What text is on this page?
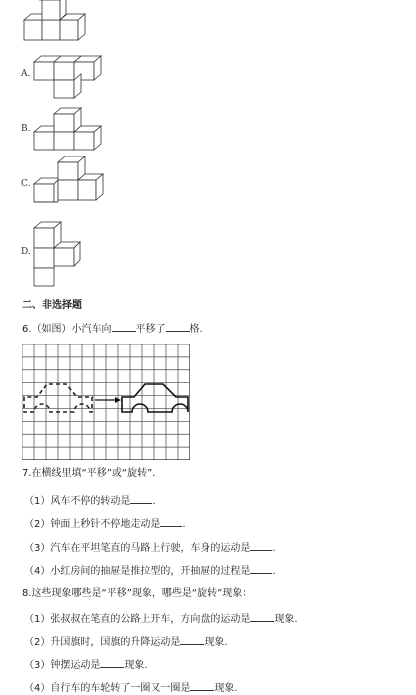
A.
B.
C.
D.
二、非选择题
6.（如图）小汽车向 平移了 格.
7.在横线里填“平移”或“旋转”．
（1）风车不停的转动是 .
（2）钟面上秒针不停地走动是 .
（3）汽车在平坦笔直的马路上行驶，车身的运动是 .
（4）小红房间的抽屉是推拉型的，开抽屉的过程是 .
8.这些现象哪些是“平移”现象，哪些是“旋转”现象：
（1）张叔叔在笔直的公路上开车，方向盘的运动是 现象.
（2）升国旗时，国旗的升降运动是 现象.
（3）钟摆运动是 现象.
（4）自行车的车轮转了一圈又一圈是 现象.
